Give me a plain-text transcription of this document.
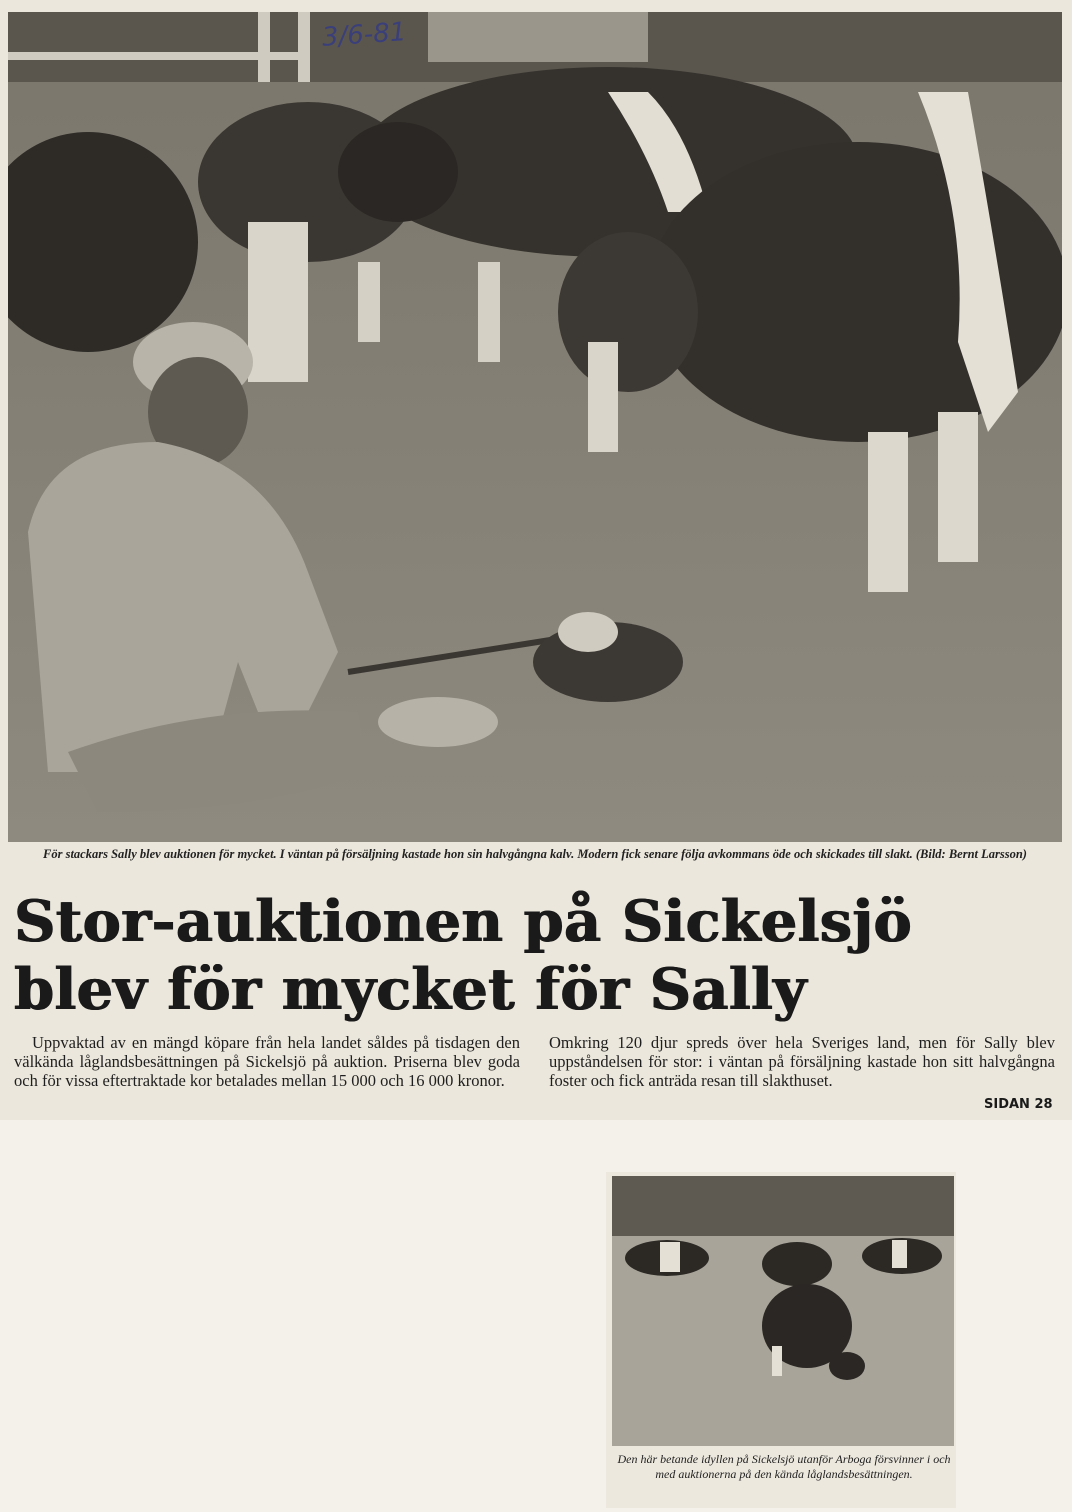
3/6-81
För stackars Sally blev auktionen för mycket. I väntan på försäljning kastade hon sin halvgångna kalv. Modern fick senare följa avkommans öde och skickades till slakt. (Bild: Bernt Larsson)
Stor-auktionen på Sickelsjö
blev för mycket för Sally
Uppvaktad av en mängd köpare från hela landet såldes på tisdagen den välkända låglandsbesättningen på Sickelsjö på auktion. Priserna blev goda och för vissa eftertraktade kor betalades mellan 15 000 och 16 000 kronor.
Omkring 120 djur spreds över hela Sveriges land, men för Sally blev uppståndelsen för stor: i väntan på försäljning kastade hon sitt halvgångna foster och fick anträda resan till slakthuset.
SIDAN 28
Den här betande idyllen på Sickelsjö utanför Arboga försvinner i och med auktionerna på den kända låglandsbesättningen.
